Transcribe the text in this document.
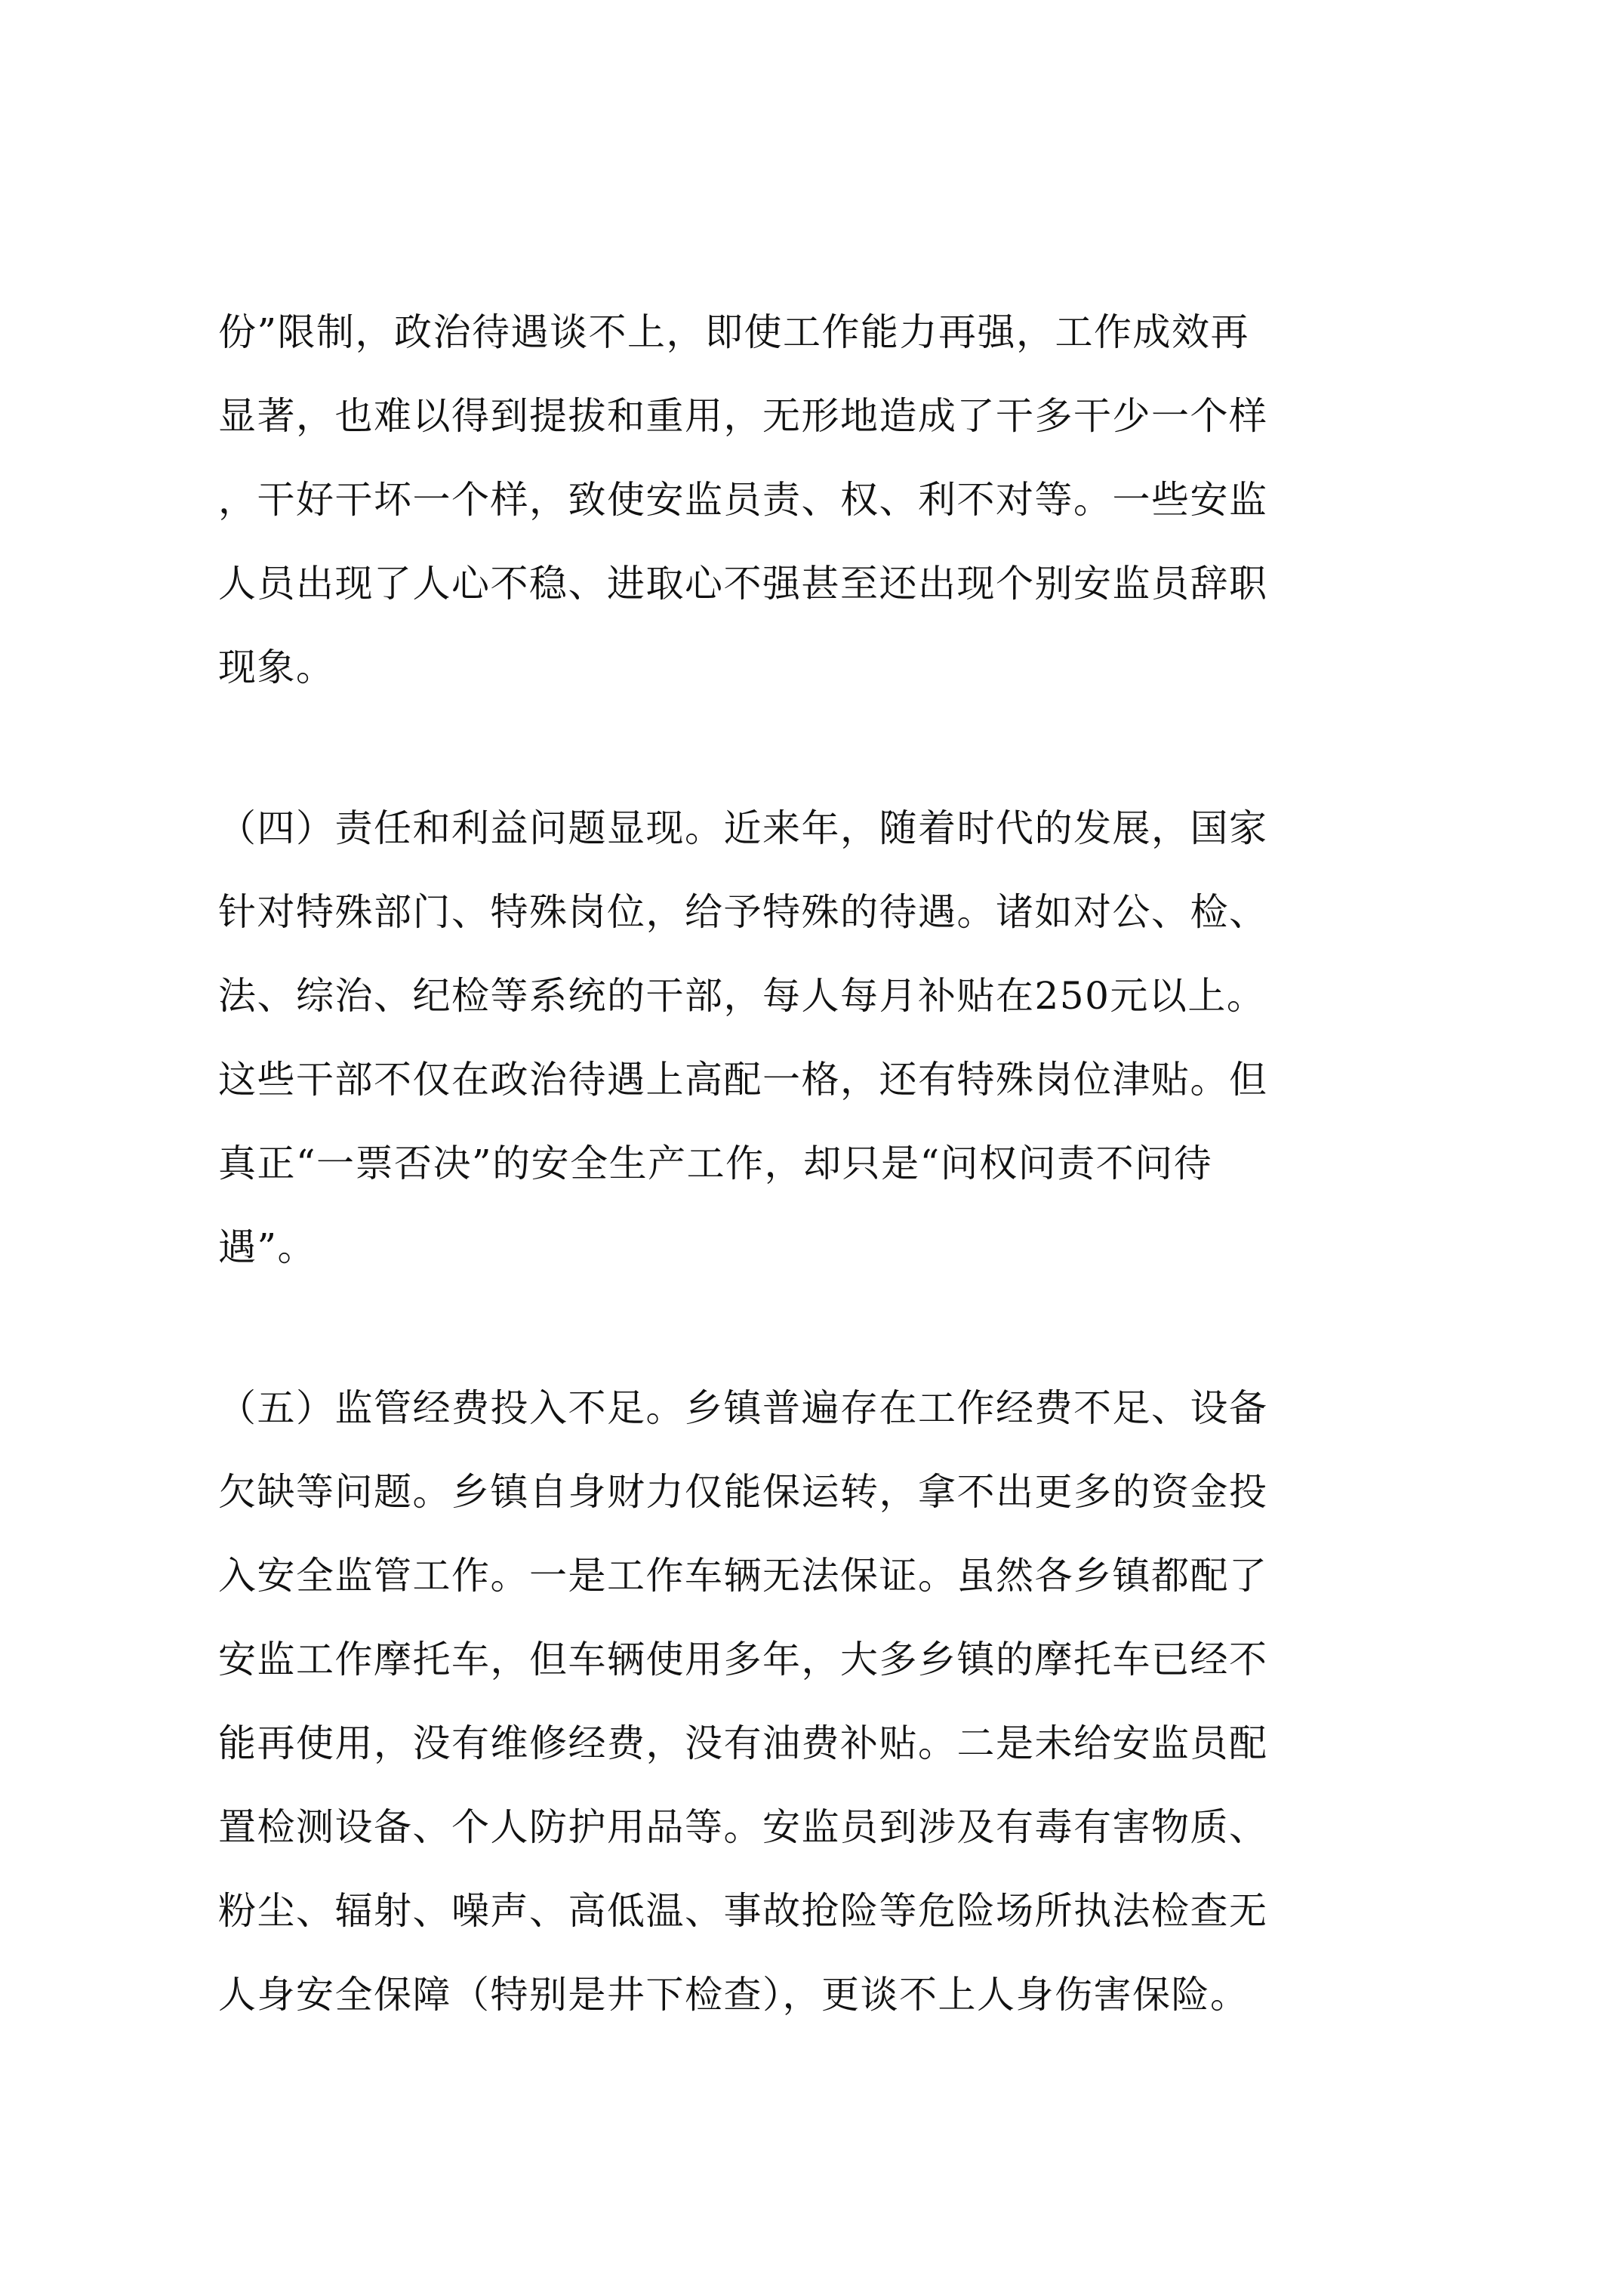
份”限制，政治待遇谈不上，即使工作能力再强，工作成效再
显著，也难以得到提拔和重用，无形地造成了干多干少一个样
，干好干坏一个样，致使安监员责、权、利不对等。一些安监
人员出现了人心不稳、进取心不强甚至还出现个别安监员辞职
现象。
（四）责任和利益问题显现。近来年，随着时代的发展，国家
针对特殊部门、特殊岗位，给予特殊的待遇。诸如对公、检、
法、综治、纪检等系统的干部，每人每月补贴在250元以上。
这些干部不仅在政治待遇上高配一格，还有特殊岗位津贴。但
真正“一票否决”的安全生产工作，却只是“问权问责不问待
遇”。
（五）监管经费投入不足。乡镇普遍存在工作经费不足、设备
欠缺等问题。乡镇自身财力仅能保运转，拿不出更多的资金投
入安全监管工作。一是工作车辆无法保证。虽然各乡镇都配了
安监工作摩托车，但车辆使用多年，大多乡镇的摩托车已经不
能再使用，没有维修经费，没有油费补贴。二是未给安监员配
置检测设备、个人防护用品等。安监员到涉及有毒有害物质、
粉尘、辐射、噪声、高低温、事故抢险等危险场所执法检查无
人身安全保障（特别是井下检查），更谈不上人身伤害保险。
